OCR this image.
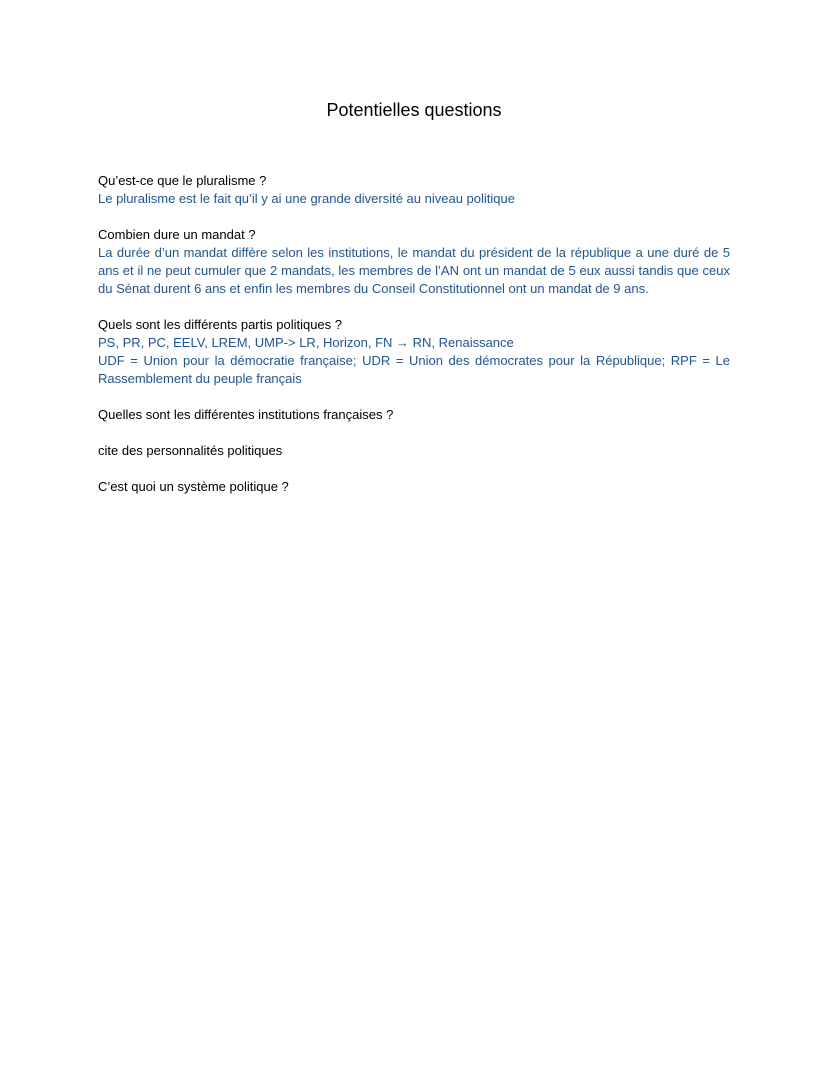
Potentielles questions

Qu’est-ce que le pluralisme ?

Le pluralisme est le fait qu’il y ai une grande diversité au niveau politique

Combien dure un mandat ?

La durée d’un mandat diffère selon les institutions, le mandat du président de la république a une duré de 5 ans et il ne peut cumuler que 2 mandats, les membres de l’AN ont un mandat de 5 eux aussi tandis que ceux du Sénat durent 6 ans et enfin les membres du Conseil Constitutionnel ont un mandat de 9 ans.

Quels sont les différents partis politiques ?

PS, PR, PC, EELV, LREM, UMP-> LR, Horizon, FN → RN, Renaissance

UDF = Union pour la démocratie française; UDR = Union des démocrates pour la République; RPF = Le Rassemblement du peuple français

Quelles sont les différentes institutions françaises ?

cite des personnalités politiques

C’est quoi un système politique ?
